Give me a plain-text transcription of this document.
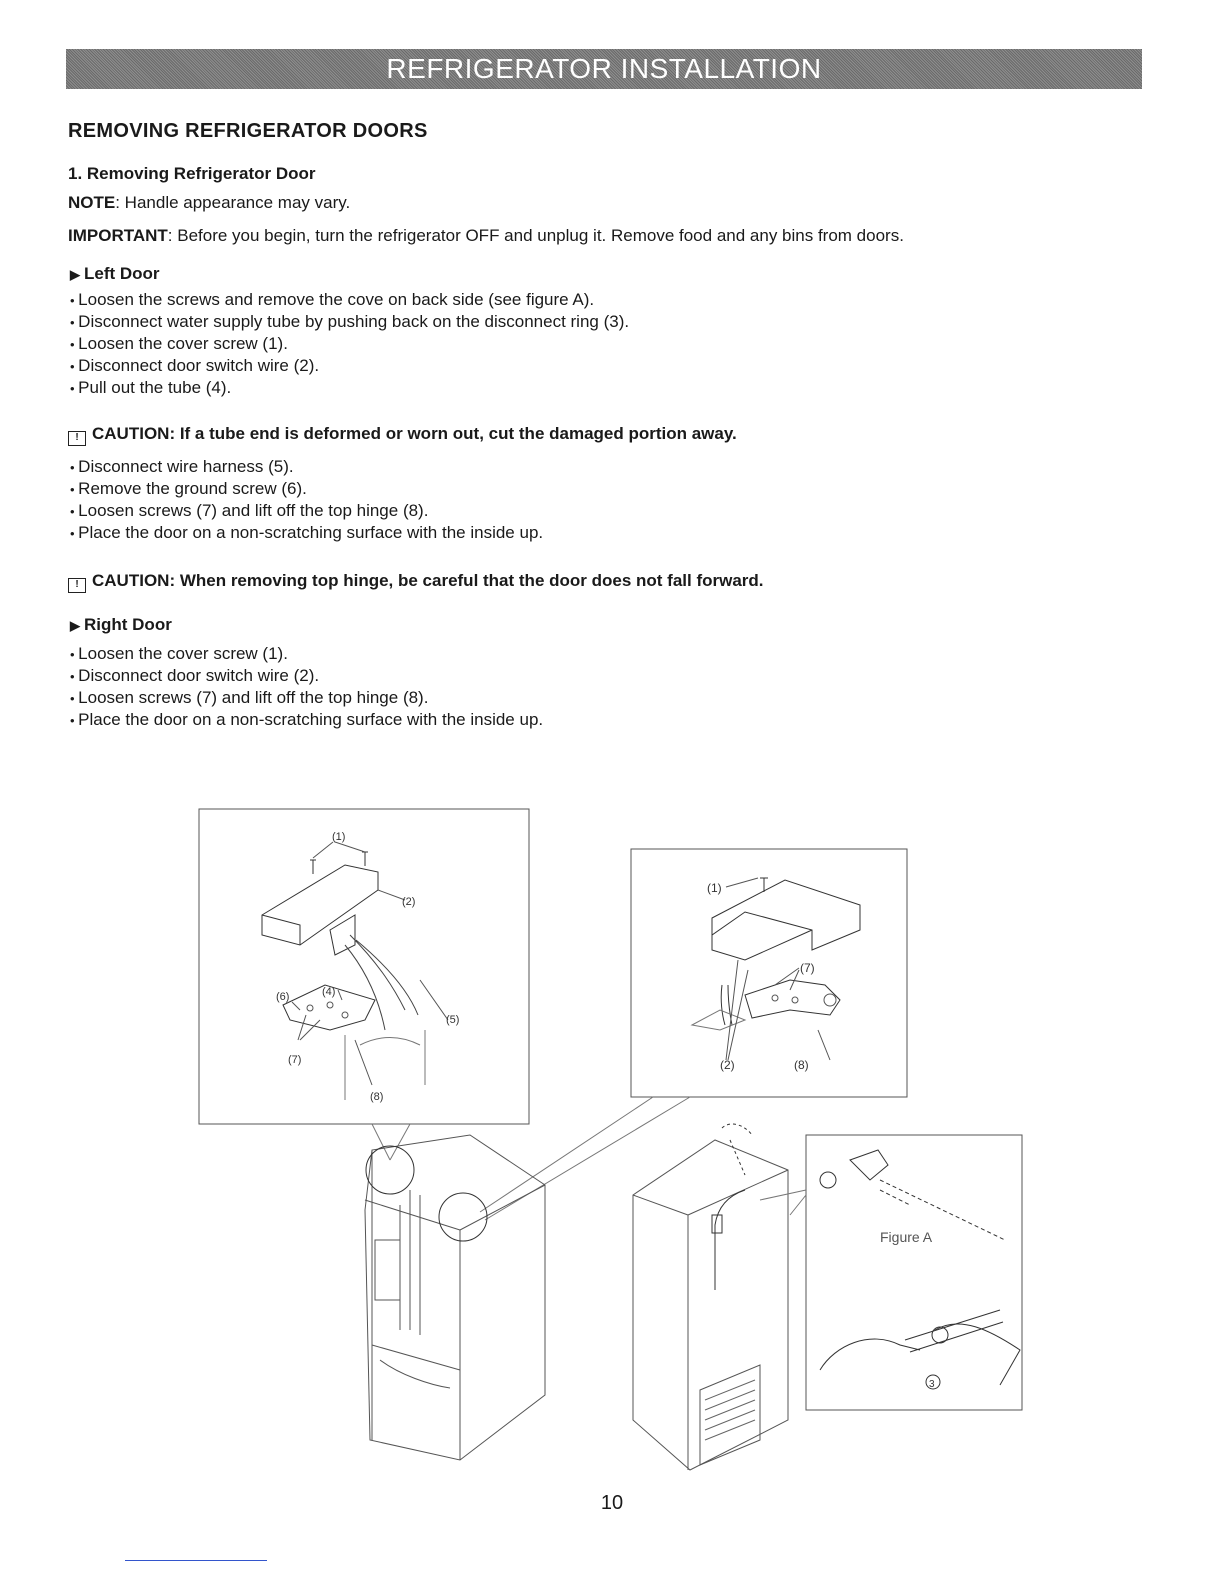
REFRIGERATOR INSTALLATION
REMOVING REFRIGERATOR DOORS
1. Removing Refrigerator Door
NOTE: Handle appearance may vary.
IMPORTANT: Before you begin, turn the refrigerator OFF and unplug it. Remove food and any bins from doors.
▶ Left Door
• Loosen the screws and remove the cove on back side (see figure A).
• Disconnect water supply tube by pushing back on the disconnect ring (3).
• Loosen the cover screw (1).
• Disconnect door switch wire (2).
• Pull out the tube (4).
! CAUTION: If a tube end is deformed or worn out, cut the damaged portion away.
• Disconnect wire harness (5).
• Remove the ground screw (6).
• Loosen screws (7) and lift off the top hinge (8).
• Place the door on a non-scratching surface with the inside up.
! CAUTION: When removing top hinge, be careful that the door does not fall forward.
▶ Right Door
• Loosen the cover screw (1).
• Disconnect door switch wire (2).
• Loosen screws (7) and lift off the top hinge (8).
• Place the door on a non-scratching surface with the inside up.
(1)
(2)
(6)	(4)
(5)
(7)
(8)
(1)
(7)
(2)	(8)
Figure A
3
10
